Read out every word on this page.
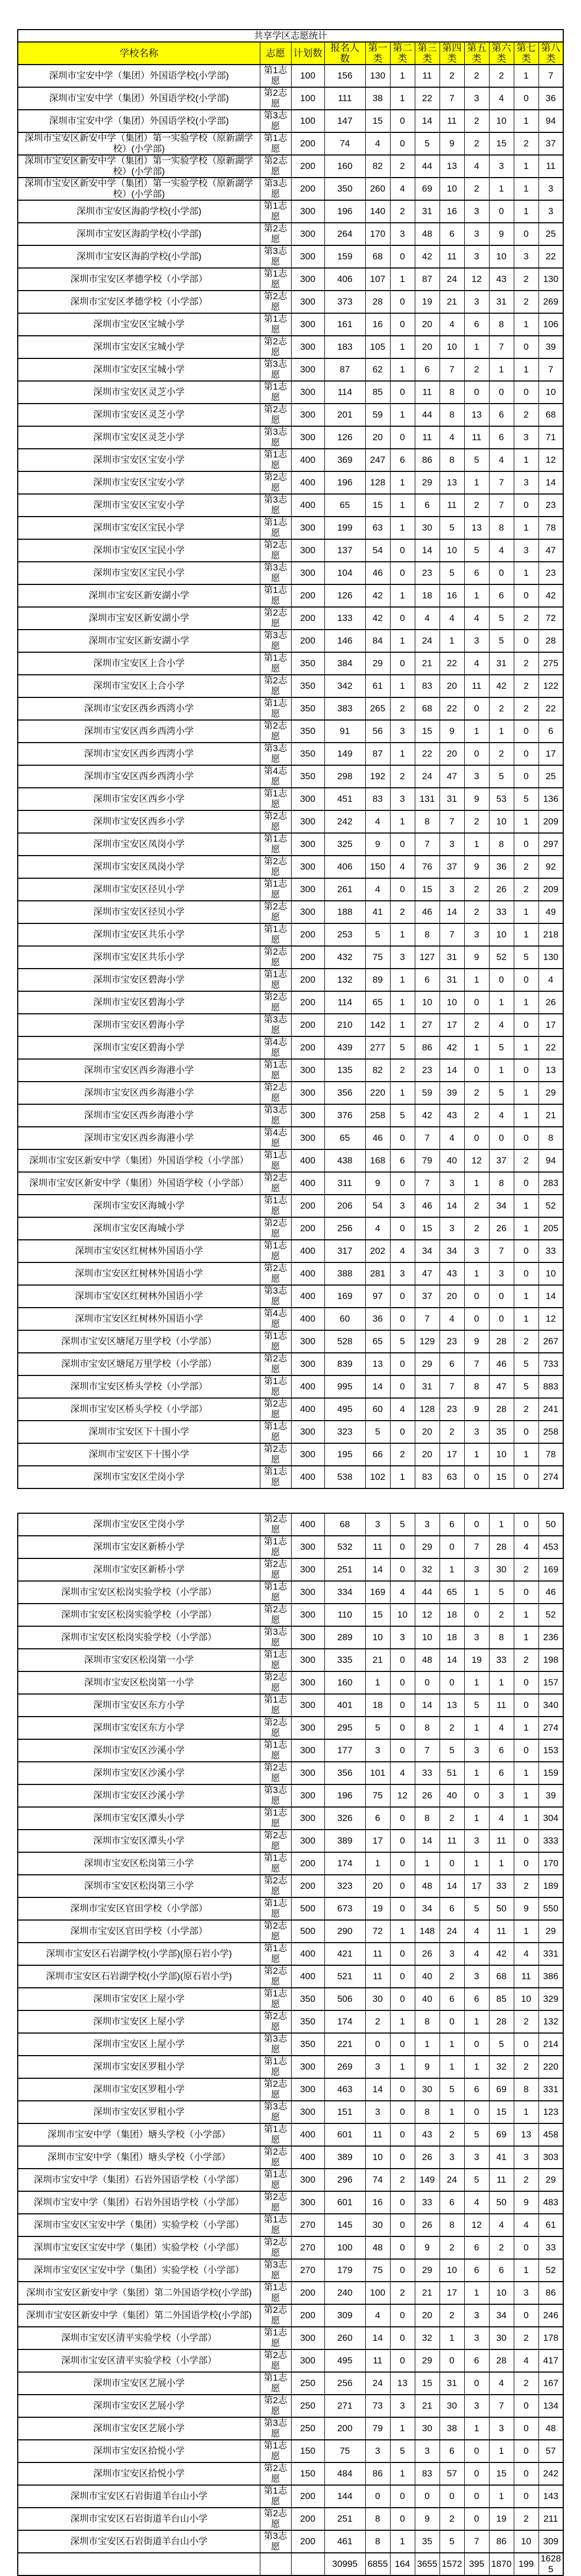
共享学区志愿统计											
学校名称	志愿	计划数	报名人数	第一类	第二类	第三类	第四类	第五类	第六类	第七类	第八类
深圳市宝安中学（集团）外国语学校(小学部)	第1志愿	100	156	130	1	11	2	2	2	1	7
深圳市宝安中学（集团）外国语学校(小学部)	第2志愿	100	111	38	1	22	7	3	4	0	36
深圳市宝安中学（集团）外国语学校(小学部)	第3志愿	100	147	15	0	14	11	2	10	1	94
深圳市宝安区新安中学（集团）第一实验学校（原新湖学校）(小学部)	第1志愿	200	74	4	0	5	9	2	15	2	37
深圳市宝安区新安中学（集团）第一实验学校（原新湖学校）(小学部)	第2志愿	200	160	82	2	44	13	4	3	1	11
深圳市宝安区新安中学（集团）第一实验学校（原新湖学校）(小学部)	第3志愿	200	350	260	4	69	10	2	1	1	3
深圳市宝安区海韵学校(小学部)	第1志愿	300	196	140	2	31	16	3	0	1	3
深圳市宝安区海韵学校(小学部)	第2志愿	300	264	170	3	48	6	3	9	0	25
深圳市宝安区海韵学校(小学部)	第3志愿	300	159	68	0	42	11	3	10	3	22
深圳市宝安区孝德学校（小学部）	第1志愿	300	406	107	1	87	24	12	43	2	130
深圳市宝安区孝德学校（小学部）	第2志愿	300	373	28	0	19	21	3	31	2	269
深圳市宝安区宝城小学	第1志愿	300	161	16	0	20	4	6	8	1	106
深圳市宝安区宝城小学	第2志愿	300	183	105	1	20	10	1	7	0	39
深圳市宝安区宝城小学	第3志愿	300	87	62	1	6	7	2	1	1	7
深圳市宝安区灵芝小学	第1志愿	300	114	85	0	11	8	0	0	0	10
深圳市宝安区灵芝小学	第2志愿	300	201	59	1	44	8	13	6	2	68
深圳市宝安区灵芝小学	第3志愿	300	126	20	0	11	4	11	6	3	71
深圳市宝安区宝安小学	第1志愿	400	369	247	6	86	8	5	4	1	12
深圳市宝安区宝安小学	第2志愿	400	196	128	1	29	13	1	7	3	14
深圳市宝安区宝安小学	第3志愿	400	65	15	1	6	11	2	7	0	23
深圳市宝安区宝民小学	第1志愿	300	199	63	1	30	5	13	8	1	78
深圳市宝安区宝民小学	第2志愿	300	137	54	0	14	10	5	4	3	47
深圳市宝安区宝民小学	第3志愿	300	104	46	0	23	5	6	0	1	23
深圳市宝安区新安湖小学	第1志愿	200	126	42	1	18	16	1	6	0	42
深圳市宝安区新安湖小学	第2志愿	200	133	42	0	4	4	4	5	2	72
深圳市宝安区新安湖小学	第3志愿	200	146	84	1	24	1	3	5	0	28
深圳市宝安区上合小学	第1志愿	350	384	29	0	21	22	4	31	2	275
深圳市宝安区上合小学	第2志愿	350	342	61	1	83	20	11	42	2	122
深圳市宝安区西乡西湾小学	第1志愿	350	383	265	2	68	22	0	2	2	22
深圳市宝安区西乡西湾小学	第2志愿	350	91	56	3	15	9	1	1	0	6
深圳市宝安区西乡西湾小学	第3志愿	350	149	87	1	22	20	0	2	0	17
深圳市宝安区西乡西湾小学	第4志愿	350	298	192	2	24	47	3	5	0	25
深圳市宝安区西乡小学	第1志愿	300	451	83	3	131	31	9	53	5	136
深圳市宝安区西乡小学	第2志愿	300	242	4	1	8	7	2	10	1	209
深圳市宝安区凤岗小学	第1志愿	300	325	9	0	7	3	1	8	0	297
深圳市宝安区凤岗小学	第2志愿	300	406	150	4	76	37	9	36	2	92
深圳市宝安区径贝小学	第1志愿	300	261	4	0	15	3	2	26	2	209
深圳市宝安区径贝小学	第2志愿	300	188	41	2	46	14	2	33	1	49
深圳市宝安区共乐小学	第1志愿	200	253	5	1	8	7	3	10	1	218
深圳市宝安区共乐小学	第2志愿	200	432	75	3	127	31	9	52	5	130
深圳市宝安区碧海小学	第1志愿	200	132	89	1	6	31	1	0	0	4
深圳市宝安区碧海小学	第2志愿	200	114	65	1	10	10	0	1	1	26
深圳市宝安区碧海小学	第3志愿	200	210	142	1	27	17	2	4	0	17
深圳市宝安区碧海小学	第4志愿	200	439	277	5	86	42	1	5	1	22
深圳市宝安区西乡海港小学	第1志愿	300	135	82	2	23	14	0	1	0	13
深圳市宝安区西乡海港小学	第2志愿	300	356	220	1	59	39	2	5	1	29
深圳市宝安区西乡海港小学	第3志愿	300	376	258	5	42	43	2	4	1	21
深圳市宝安区西乡海港小学	第4志愿	300	65	46	0	7	4	0	0	0	8
深圳市宝安区新安中学（集团）外国语学校（小学部）	第1志愿	400	438	168	6	79	40	12	37	2	94
深圳市宝安区新安中学（集团）外国语学校（小学部）	第2志愿	400	311	9	0	7	3	1	8	0	283
深圳市宝安区海城小学	第1志愿	200	206	54	3	46	14	2	34	1	52
深圳市宝安区海城小学	第2志愿	200	256	4	0	15	3	2	26	1	205
深圳市宝安区红树林外国语小学	第1志愿	400	317	202	4	34	34	3	7	0	33
深圳市宝安区红树林外国语小学	第2志愿	400	388	281	3	47	43	1	3	0	10
深圳市宝安区红树林外国语小学	第3志愿	400	169	97	0	37	20	0	0	1	14
深圳市宝安区红树林外国语小学	第4志愿	400	60	36	0	7	4	0	0	1	12
深圳市宝安区塘尾万里学校（小学部）	第1志愿	300	528	65	5	129	23	9	28	2	267
深圳市宝安区塘尾万里学校（小学部）	第2志愿	300	839	13	0	29	6	7	46	5	733
深圳市宝安区桥头学校（小学部）	第1志愿	400	995	14	0	31	7	8	47	5	883
深圳市宝安区桥头学校（小学部）	第2志愿	400	495	60	4	128	23	9	28	2	241
深圳市宝安区下十围小学	第1志愿	300	323	5	0	20	2	3	35	0	258
深圳市宝安区下十围小学	第2志愿	300	195	66	2	20	17	1	10	1	78
深圳市宝安区坣岗小学	第1志愿	400	538	102	1	83	63	0	15	0	274
深圳市宝安区坣岗小学	第2志愿	400	68	3	5	3	6	0	1	0	50
深圳市宝安区新桥小学	第1志愿	300	532	11	0	29	0	7	28	4	453
深圳市宝安区新桥小学	第2志愿	300	251	14	0	32	1	3	30	2	169
深圳市宝安区松岗实验学校（小学部）	第1志愿	300	334	169	4	44	65	1	5	0	46
深圳市宝安区松岗实验学校（小学部）	第2志愿	300	110	15	10	12	18	0	2	1	52
深圳市宝安区松岗实验学校（小学部）	第3志愿	300	289	10	3	10	18	3	8	1	236
深圳市宝安区松岗第一小学	第1志愿	300	335	21	0	48	14	19	33	2	198
深圳市宝安区松岗第一小学	第2志愿	300	160	1	0	0	0	1	1	0	157
深圳市宝安区东方小学	第1志愿	300	401	18	0	14	13	5	11	0	340
深圳市宝安区东方小学	第2志愿	300	295	5	0	8	2	1	4	1	274
深圳市宝安区沙溪小学	第1志愿	300	177	3	0	7	5	3	6	0	153
深圳市宝安区沙溪小学	第2志愿	300	356	101	4	33	51	1	6	1	159
深圳市宝安区沙溪小学	第3志愿	300	196	75	12	26	40	0	3	1	39
深圳市宝安区潭头小学	第1志愿	300	326	6	0	8	2	1	4	1	304
深圳市宝安区潭头小学	第2志愿	300	389	17	0	14	11	3	11	0	333
深圳市宝安区松岗第三小学	第1志愿	200	174	1	0	1	0	1	1	0	170
深圳市宝安区松岗第三小学	第2志愿	200	323	20	0	48	14	17	33	2	189
深圳市宝安区官田学校（小学部）	第1志愿	500	673	19	0	34	6	5	50	9	550
深圳市宝安区官田学校（小学部）	第2志愿	500	290	72	1	148	24	4	11	1	29
深圳市宝安区石岩湖学校(小学部)(原石岩小学)	第1志愿	400	421	11	0	26	3	4	42	4	331
深圳市宝安区石岩湖学校(小学部)(原石岩小学)	第2志愿	400	521	11	0	40	2	3	68	11	386
深圳市宝安区上屋小学	第1志愿	350	506	30	0	40	6	6	85	10	329
深圳市宝安区上屋小学	第2志愿	350	174	2	1	8	0	1	28	2	132
深圳市宝安区上屋小学	第3志愿	350	221	0	0	1	1	0	5	0	214
深圳市宝安区罗租小学	第1志愿	300	269	3	1	9	1	1	32	2	220
深圳市宝安区罗租小学	第2志愿	300	463	14	0	30	5	6	69	8	331
深圳市宝安区罗租小学	第3志愿	300	151	3	0	8	1	0	15	1	123
深圳市宝安中学（集团）塘头学校（小学部）	第1志愿	400	601	11	0	43	2	5	69	13	458
深圳市宝安中学（集团）塘头学校（小学部）	第2志愿	400	389	10	0	26	3	3	41	3	303
深圳市宝安中学（集团）石岩外国语学校（小学部）	第1志愿	300	296	74	2	149	24	5	11	2	29
深圳市宝安中学（集团）石岩外国语学校（小学部）	第2志愿	300	601	16	0	33	6	4	50	9	483
深圳市宝安区宝安中学（集团）实验学校（小学部）	第1志愿	270	145	30	0	26	8	12	4	4	61
深圳市宝安区宝安中学（集团）实验学校（小学部）	第2志愿	270	100	48	0	9	2	6	2	0	33
深圳市宝安区宝安中学（集团）实验学校（小学部）	第3志愿	270	179	75	0	29	10	6	6	1	52
深圳市宝安区新安中学（集团）第二外国语学校(小学部)	第1志愿	200	240	100	2	21	17	1	10	3	86
深圳市宝安区新安中学（集团）第二外国语学校(小学部)	第2志愿	200	309	4	0	20	2	3	34	0	246
深圳市宝安区清平实验学校（小学部）	第1志愿	300	260	14	0	32	1	3	30	2	178
深圳市宝安区清平实验学校（小学部）	第2志愿	300	495	11	0	29	0	6	28	4	417
深圳市宝安区艺展小学	第1志愿	250	256	24	13	15	31	0	4	2	167
深圳市宝安区艺展小学	第2志愿	250	271	73	3	21	30	3	7	0	134
深圳市宝安区艺展小学	第3志愿	250	200	79	1	30	38	1	3	0	48
深圳市宝安区拾悦小学	第1志愿	150	75	3	5	3	6	0	1	0	57
深圳市宝安区拾悦小学	第2志愿	150	484	86	1	83	57	0	15	0	242
深圳市宝安区石岩街道羊台山小学	第1志愿	200	144	0	0	0	0	0	1	0	143
深圳市宝安区石岩街道羊台山小学	第2志愿	200	251	8	0	9	2	0	19	2	211
深圳市宝安区石岩街道羊台山小学	第3志愿	200	461	8	1	35	5	7	86	10	309
			30995	6855	164	3655	1572	395	1870	199	16285
